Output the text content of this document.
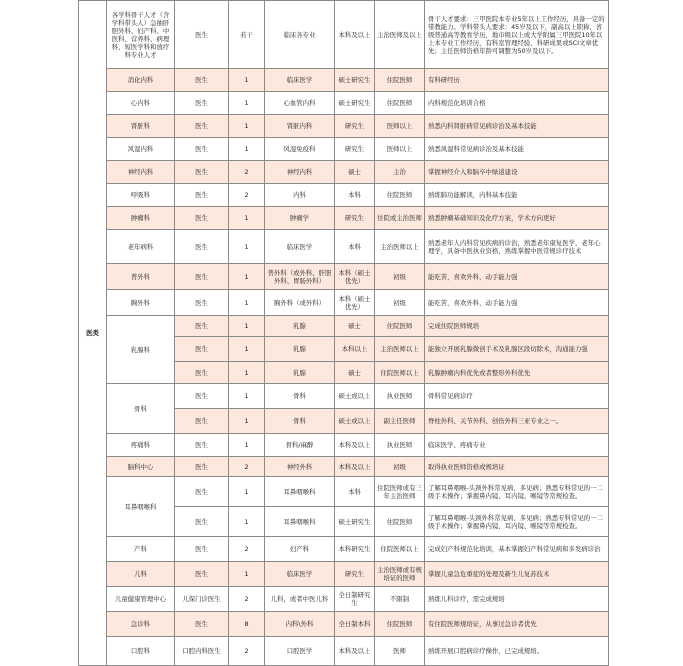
医类	各学科骨干人才（含学科带头人）急抽肝胆外科、妇产科、中医科、营养科、病理科、短医学科和放疗科专业人才	医生	若干	临床各专业	本科及以上	主治医师及以上	骨干人才要求：三甲医院本专业5年以上工作经历，具备一定的带教能力。学科带头人要求：45岁及以下，副高以上职称，省级普通高等教育学历，地市级以上或大学附属三甲医院10年以上本专业工作经历，有科室管理经验、科研成果或SCI文章优先；主任医师资格年龄可调整为50岁及以下。
	消化内科	医生	1	临床医学	硕士研究生	住院医师	有科研经历
	心内科	医生	1	心血管内科	硕士研究生	住院医师	内科规范化培训合格
	肾脏科	医生	1	肾脏内科	研究生	医师以上	熟悉内科肾脏病常见病诊治及基本技能
	风湿内科	医生	1	风湿免疫科	研究生	医师以上	熟悉风湿科常见病诊治及基本技能
	神经内科	医生	2	神经内科	硕士	主治	掌握神经介入和脑卒中绿道建设
	呼吸科	医生	2	内科	本科	住院医师	熟练肺功能解读，内科基本技能
	肿瘤科	医生	1	肿瘤学	研究生	住院或主治医师	熟悉肿瘤基础知识及化疗方案，学术方向更好
	老年病科	医生	1	临床医学	本科	主治医师以上	熟悉老年人内科常见疾病的诊治，熟悉老年康复医学，老年心理学，具备中医执业资格，熟练掌握中医常规诊疗技术
	普外科	医生	1	普外科（或外科、肝胆外科、胃肠外科）	本科（硕士优先）	初级	能吃苦，喜欢外科，动手能力强
	胸外科	医生	1	胸外科（或外科）	本科（硕士优先）	初级	能吃苦，喜欢外科，动手能力强
	乳腺科	医生	1	乳腺	硕士	住院医师	完成住院医师规培
		医生	1	乳腺	本科以上	主治医师以上	能独立开展乳腺微创手术及乳腺区段切除术，沟通能力强
		医生	1	乳腺	硕士	住院医师以上	乳腺肿瘤内科优先或者整形外科优先
	骨科	医生	1	骨科	硕士或以上	执业医师	骨科常见病诊疗
		医生	1	骨科	硕士或以上	副主任医师	脊柱外科、关节外科、创伤外科三亚专业之一。
	疼痛科	医生	1	骨科/麻醉	本科及以上	执业医师	临床医学、疼痛专业
	脑科中心	医生	2	神经外科	本科及以上	初级	取得执业医师资格或规培证
	耳鼻咽喉科	医生	1	耳鼻咽喉科	本科	住院医师或有三年主治医师	了解耳鼻咽喉-头颈外科常见病、多见病；熟悉专科常见的一二级手术操作；掌握鼻内镜、耳内镜、喉镜等常规检查。
		医生	1	耳鼻咽喉科	硕士研究生	住院医师	了解耳鼻咽喉-头颈外科常见病、多见病；熟悉专科常见的一二级手术操作；掌握鼻内镜、耳内镜、喉镜等常规检查。
	产科	医生	2	妇产科	本科研究生	住院医师以上	完成妇产科规范化培训，基本掌握妇产科常见病和多发病诊治
	儿科	医生	1	临床医学	研究生	主治医师或有规培证的医师	掌握儿童急危重症的处理及新生儿复苏技术
	儿童健康管理中心	儿保门诊医生	2	儿科，或者中医儿科	全日制研究生	不限制	熟练儿科诊疗，需完成规培
	急诊科	医生	8	内科\外科	全日制本科	住院医师	有住院医师规培证，从事过急诊者优先
	口腔科	口腔内科医生	2	口腔医学	本科及以上	医师	熟练开展口腔病诊疗操作，已完成规培。
